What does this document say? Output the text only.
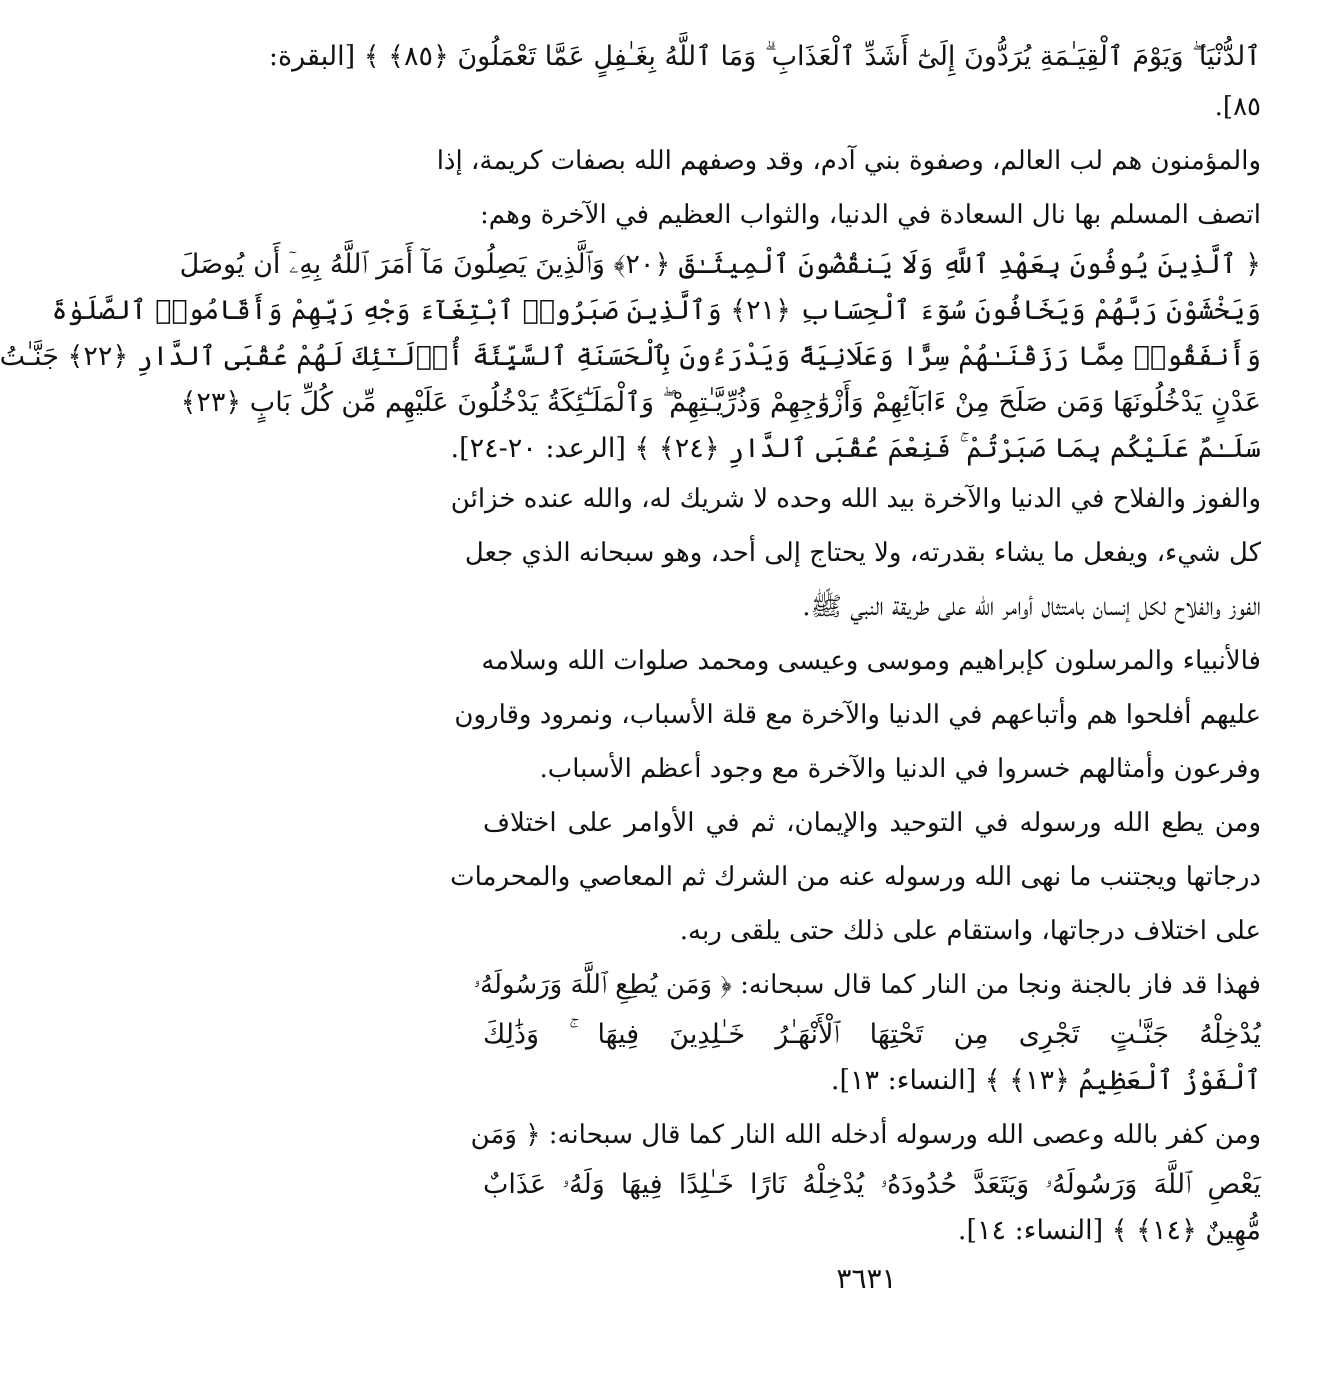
ٱلدُّنْيَا ۖ وَيَوْمَ ٱلْقِيَـٰمَةِ يُرَدُّونَ إِلَىٰٓ أَشَدِّ ٱلْعَذَابِ ۗ وَمَا ٱللَّهُ بِغَـٰفِلٍ عَمَّا تَعْمَلُونَ ﴿٨٥﴾ ﴾ [البقرة:
٨٥].
والمؤمنون هم لب العالم، وصفوة بني آدم، وقد وصفهم الله بصفات كريمة، إذا
اتصف المسلم بها نال السعادة في الدنيا، والثواب العظيم في الآخرة وهم:
﴿ ٱلَّذِينَ يُوفُونَ بِعَهْدِ ٱللَّهِ وَلَا يَنقُضُونَ ٱلْمِيثَـٰقَ ﴿٢٠﴾ وَٱلَّذِينَ يَصِلُونَ مَآ أَمَرَ ٱللَّهُ بِهِۦٓ أَن يُوصَلَ
وَيَخْشَوْنَ رَبَّهُمْ وَيَخَافُونَ سُوٓءَ ٱلْحِسَابِ ﴿٢١﴾ وَٱلَّذِينَ صَبَرُوا۟ ٱبْتِغَآءَ وَجْهِ رَبِّهِمْ وَأَقَامُوا۟ ٱلصَّلَوٰةَ
وَأَنفَقُوا۟ مِمَّا رَزَقْنَـٰهُمْ سِرًّا وَعَلَانِيَةً وَيَدْرَءُونَ بِٱلْحَسَنَةِ ٱلسَّيِّئَةَ أُو۟لَـٰٓئِكَ لَهُمْ عُقْبَى ٱلدَّارِ ﴿٢٢﴾ جَنَّـٰتُ
عَدْنٍ يَدْخُلُونَهَا وَمَن صَلَحَ مِنْ ءَابَآئِهِمْ وَأَزْوَٰجِهِمْ وَذُرِّيَّـٰتِهِمْ ۖ وَٱلْمَلَـٰٓئِكَةُ يَدْخُلُونَ عَلَيْهِم مِّن كُلِّ بَابٍ ﴿٢٣﴾
سَلَـٰمٌ عَلَيْكُم بِمَا صَبَرْتُمْ ۚ فَنِعْمَ عُقْبَى ٱلدَّارِ ﴿٢٤﴾ ﴾ [الرعد: ٢٠-٢٤].
والفوز والفلاح في الدنيا والآخرة بيد الله وحده لا شريك له، والله عنده خزائن
كل شيء، ويفعل ما يشاء بقدرته، ولا يحتاج إلى أحد، وهو سبحانه الذي جعل
الفوز والفلاح لكل إنسان بامتثال أوامر الله على طريقة النبي ﷺ.
فالأنبياء والمرسلون كإبراهيم وموسى وعيسى ومحمد صلوات الله وسلامه
عليهم أفلحوا هم وأتباعهم في الدنيا والآخرة مع قلة الأسباب، ونمرود وقارون
وفرعون وأمثالهم خسروا في الدنيا والآخرة مع وجود أعظم الأسباب.
ومن يطع الله ورسوله في التوحيد والإيمان، ثم في الأوامر على اختلاف
درجاتها ويجتنب ما نهى الله ورسوله عنه من الشرك ثم المعاصي والمحرمات
على اختلاف درجاتها، واستقام على ذلك حتى يلقى ربه.
فهذا قد فاز بالجنة ونجا من النار كما قال سبحانه: ﴿ وَمَن يُطِعِ ٱللَّهَ وَرَسُولَهُۥ
يُدْخِلْهُ جَنَّـٰتٍ تَجْرِى مِن تَحْتِهَا ٱلْأَنْهَـٰرُ خَـٰلِدِينَ فِيهَا ۚ وَذَٰلِكَ
ٱلْفَوْزُ ٱلْعَظِيمُ ﴿١٣﴾ ﴾ [النساء: ١٣].
ومن كفر بالله وعصى الله ورسوله أدخله الله النار كما قال سبحانه: ﴿ وَمَن
يَعْصِ ٱللَّهَ وَرَسُولَهُۥ وَيَتَعَدَّ حُدُودَهُۥ يُدْخِلْهُ نَارًا خَـٰلِدًا فِيهَا وَلَهُۥ عَذَابٌ
مُّهِينٌ ﴿١٤﴾ ﴾ [النساء: ١٤].
٣٦٣١
